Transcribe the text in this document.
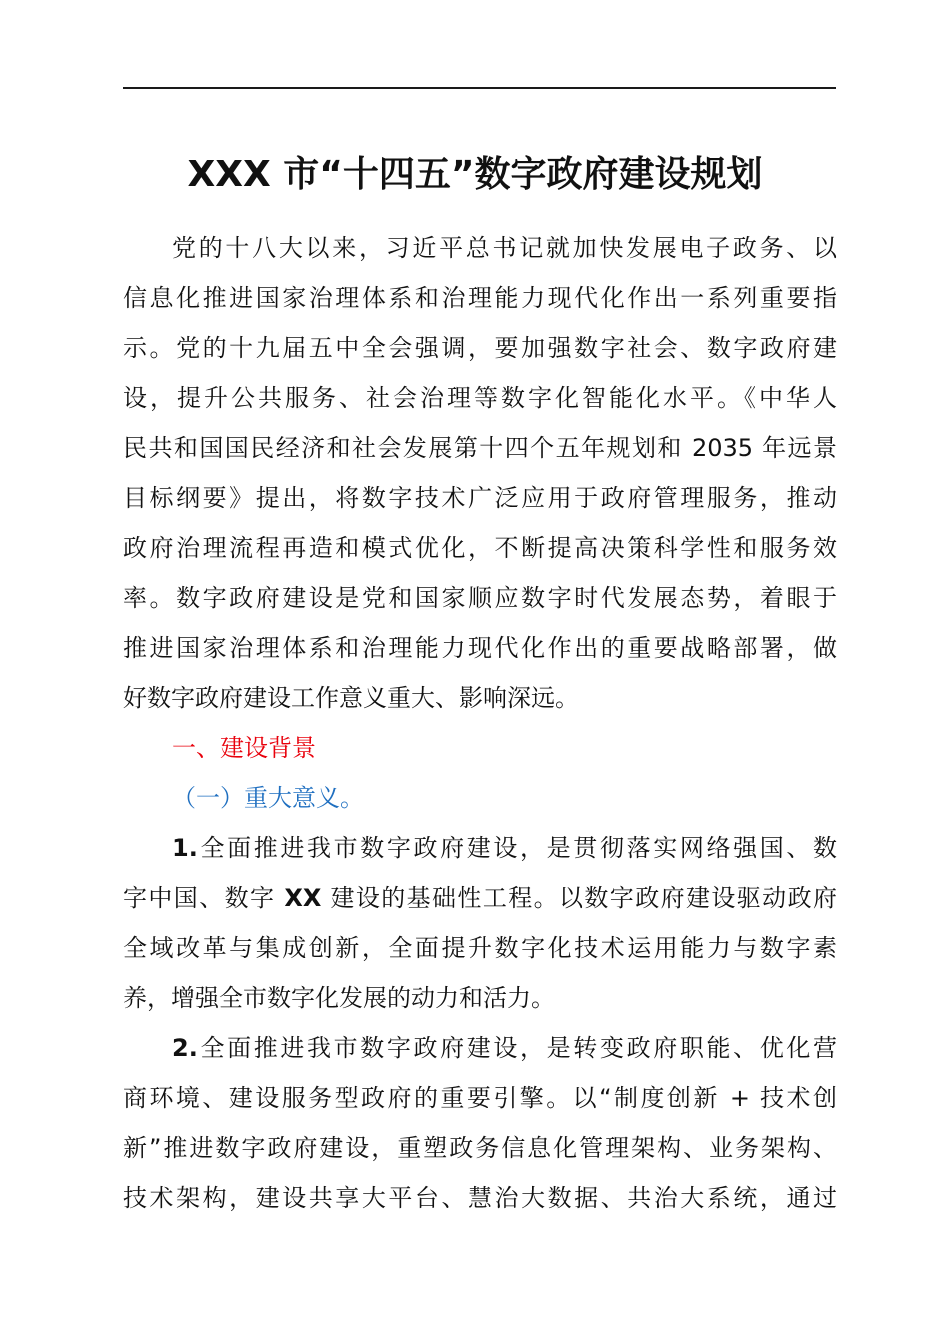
XXX 市“十四五”数字政府建设规划
党的十八大以来，习近平总书记就加快发展电子政务、以
信息化推进国家治理体系和治理能力现代化作出一系列重要指
示。党的十九届五中全会强调，要加强数字社会、数字政府建
设，提升公共服务、社会治理等数字化智能化水平。《中华人
民共和国国民经济和社会发展第十四个五年规划和 2035 年远景
目标纲要》提出，将数字技术广泛应用于政府管理服务，推动
政府治理流程再造和模式优化，不断提高决策科学性和服务效
率。数字政府建设是党和国家顺应数字时代发展态势，着眼于
推进国家治理体系和治理能力现代化作出的重要战略部署，做
好数字政府建设工作意义重大、影响深远。
一、建设背景
（一）重大意义。
1.全面推进我市数字政府建设，是贯彻落实网络强国、数
字中国、数字 XX 建设的基础性工程。以数字政府建设驱动政府
全域改革与集成创新，全面提升数字化技术运用能力与数字素
养，增强全市数字化发展的动力和活力。
2.全面推进我市数字政府建设，是转变政府职能、优化营
商环境、建设服务型政府的重要引擎。以“制度创新 + 技术创
新”推进数字政府建设，重塑政务信息化管理架构、业务架构、
技术架构，建设共享大平台、慧治大数据、共治大系统，通过
